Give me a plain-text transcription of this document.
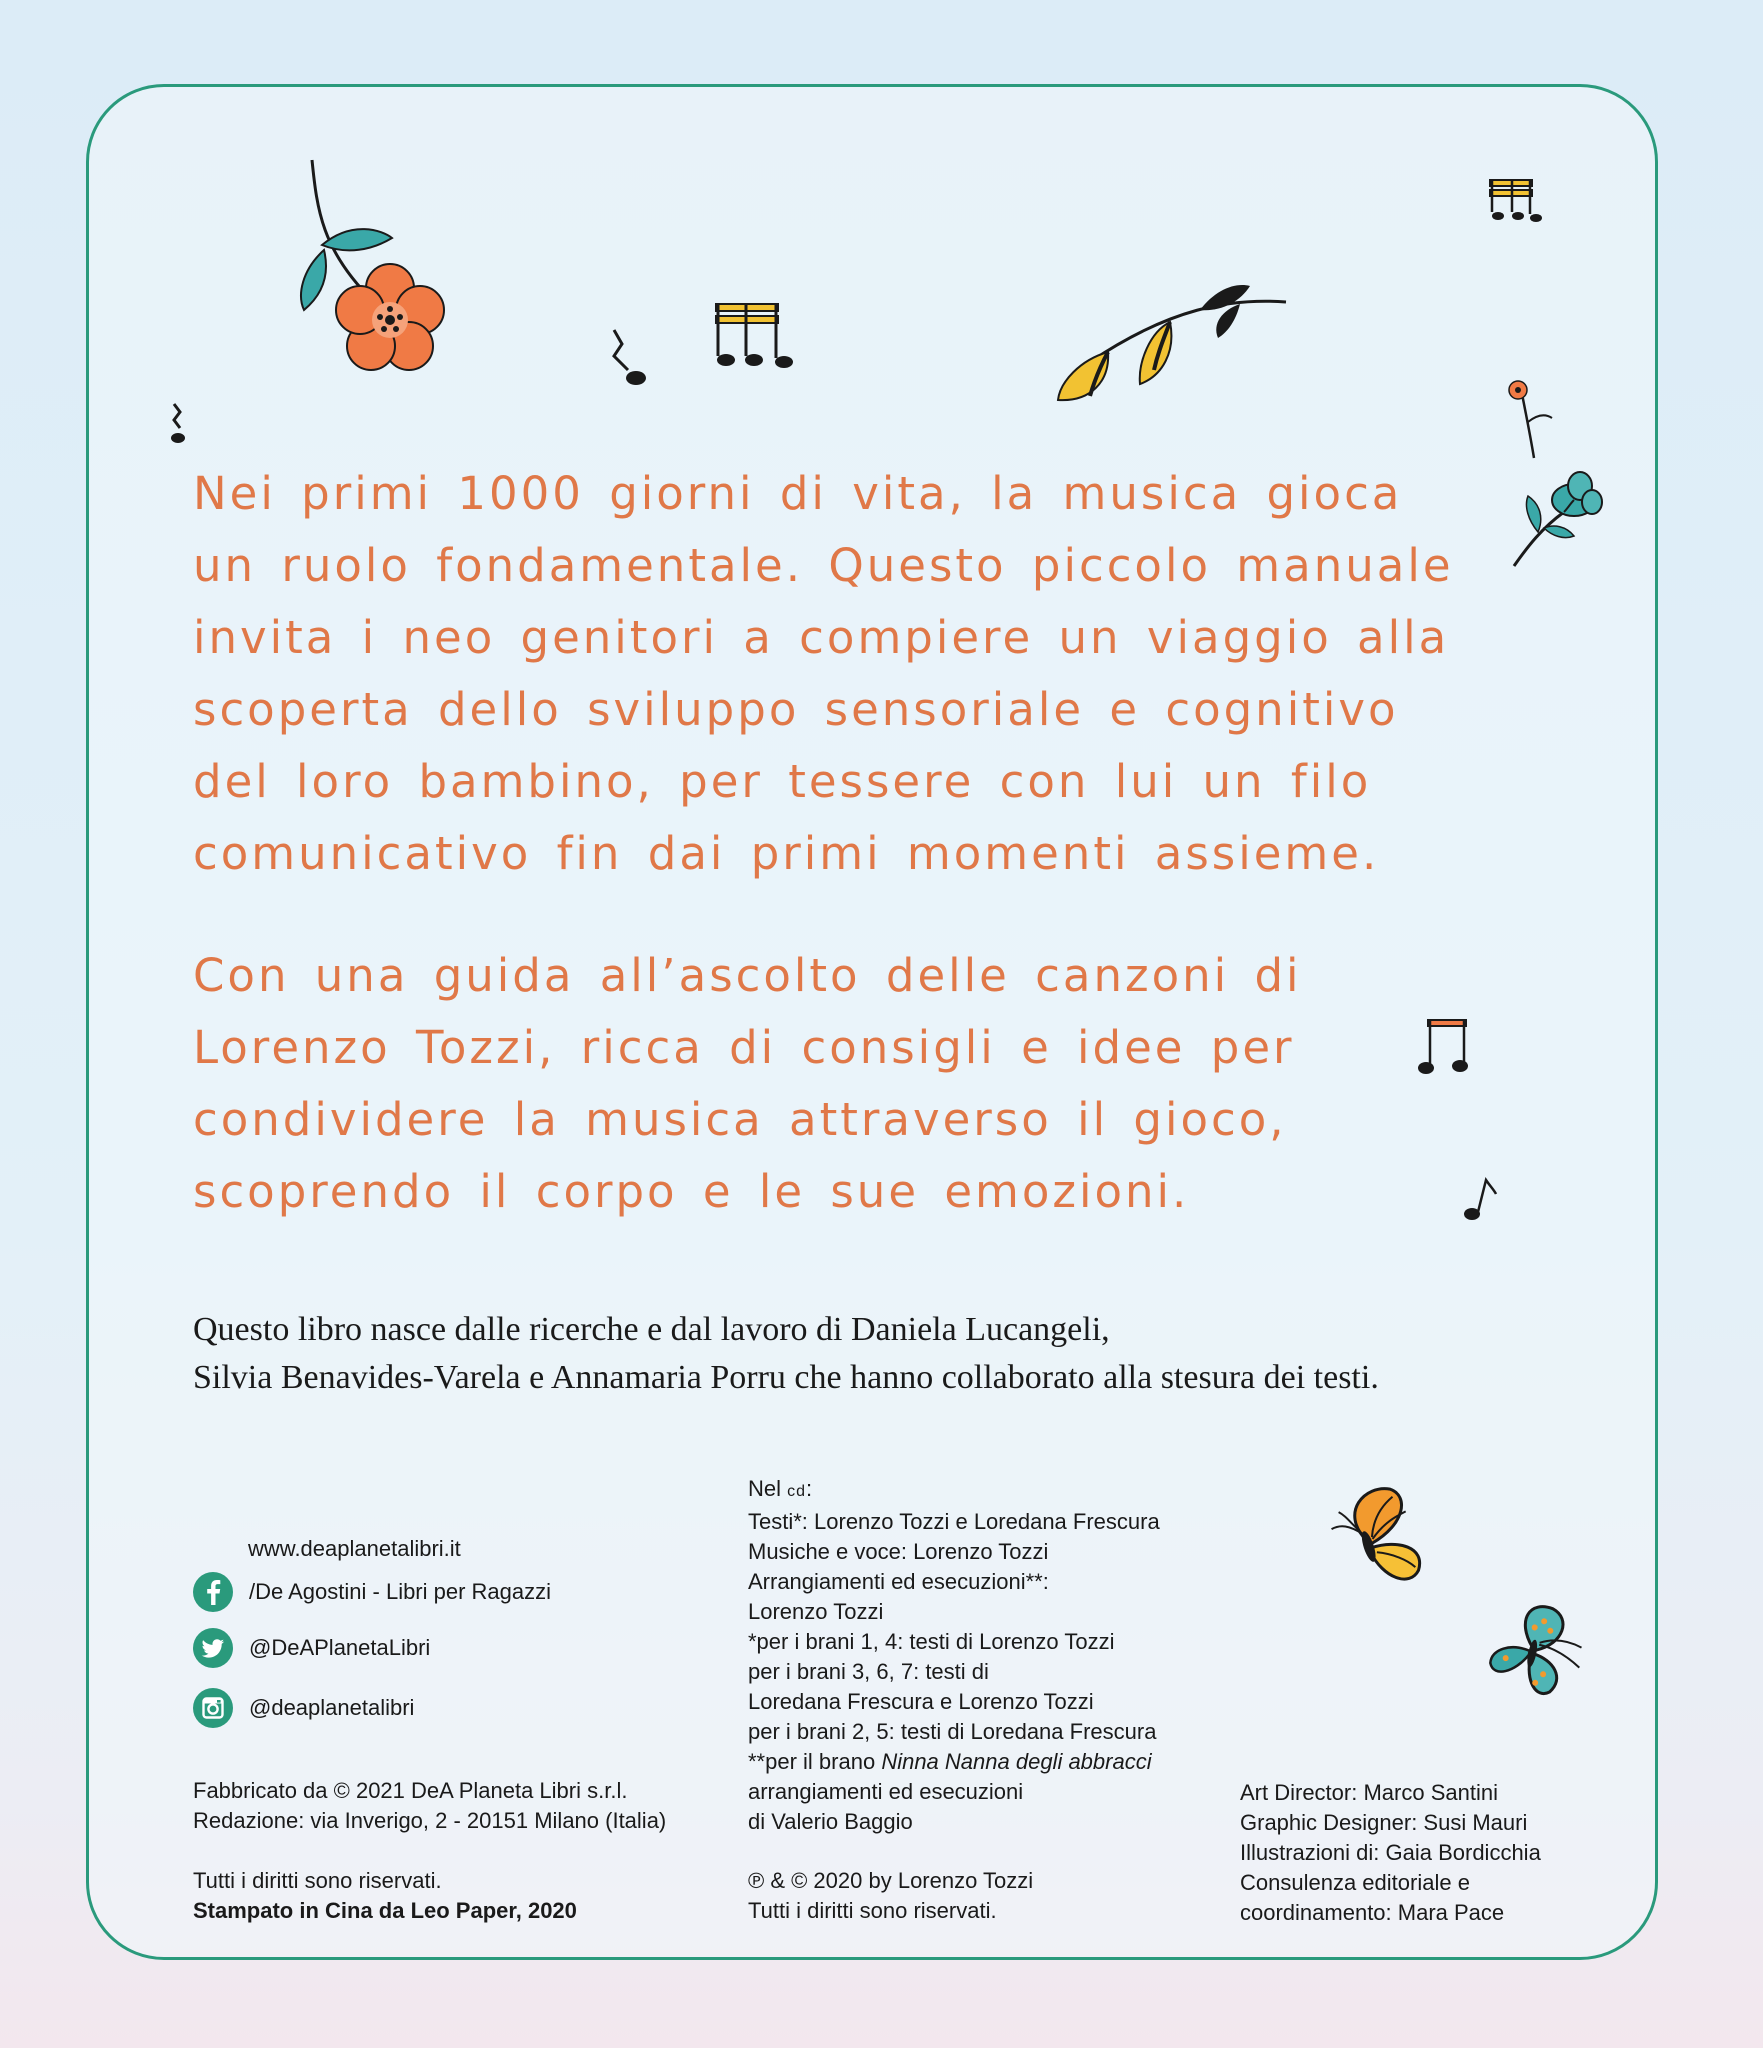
Nei primi 1000 giorni di vita, la musica gioca

un ruolo fondamentale. Questo piccolo manuale

invita i neo genitori a compiere un viaggio alla

scoperta dello sviluppo sensoriale e cognitivo

del loro bambino, per tessere con lui un filo

comunicativo fin dai primi momenti assieme.

Con una guida all’ascolto delle canzoni di

Lorenzo Tozzi, ricca di consigli e idee per

condividere la musica attraverso il gioco,

scoprendo il corpo e le sue emozioni.

Questo libro nasce dalle ricerche e dal lavoro di Daniela Lucangeli,

Silvia Benavides-Varela e Annamaria Porru che hanno collaborato alla stesura dei testi.

www.deaplanetalibri.it
/De Agostini - Libri per Ragazzi
@DeAPlanetaLibri
@deaplanetalibri

Fabbricato da © 2021 DeA Planeta Libri s.r.l.

Redazione: via Inverigo, 2 - 20151 Milano (Italia)

Tutti i diritti sono riservati.

Stampato in Cina da Leo Paper, 2020

Nel cd:

Testi*: Lorenzo Tozzi e Loredana Frescura

Musiche e voce: Lorenzo Tozzi

Arrangiamenti ed esecuzioni**:

Lorenzo Tozzi

*per i brani 1, 4: testi di Lorenzo Tozzi

per i brani 3, 6, 7: testi di

Loredana Frescura e Lorenzo Tozzi

per i brani 2, 5: testi di Loredana Frescura

**per il brano Ninna Nanna degli abbracci

arrangiamenti ed esecuzioni

di Valerio Baggio

℗ & © 2020 by Lorenzo Tozzi

Tutti i diritti sono riservati.

Art Director: Marco Santini

Graphic Designer: Susi Mauri

Illustrazioni di: Gaia Bordicchia

Consulenza editoriale e

coordinamento: Mara Pace
